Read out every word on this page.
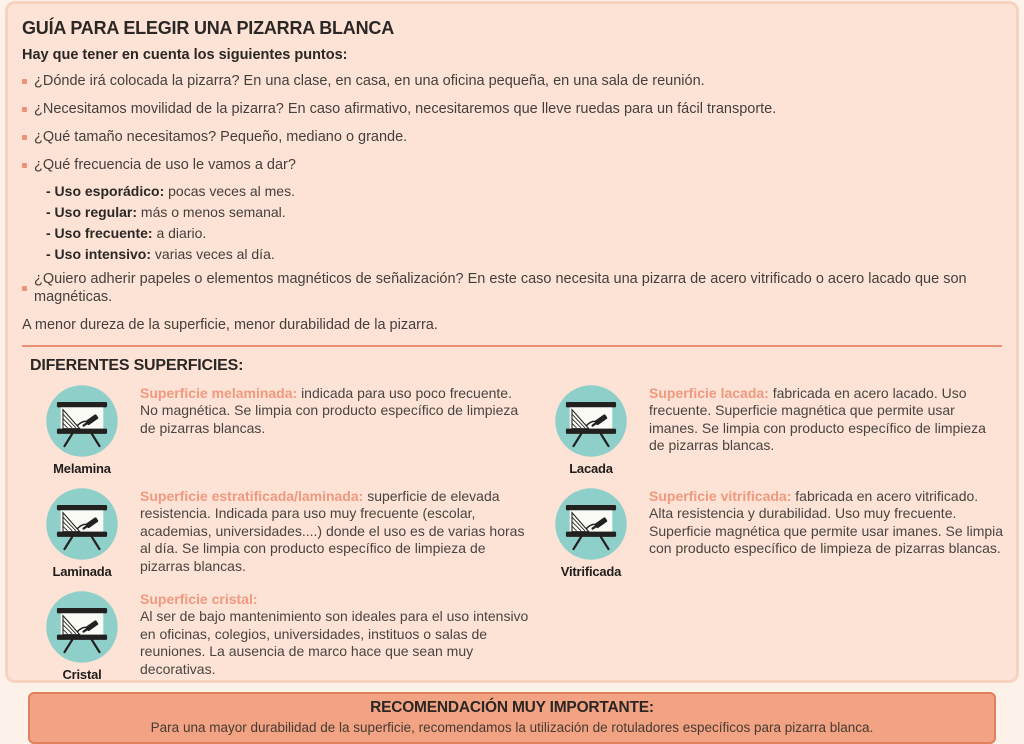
GUÍA PARA ELEGIR UNA PIZARRA BLANCA
Hay que tener en cuenta los siguientes puntos:
¿Dónde irá colocada la pizarra? En una clase, en casa, en una oficina pequeña, en una sala de reunión.
¿Necesitamos movilidad de la pizarra? En caso afirmativo, necesitaremos que lleve ruedas para un fácil transporte.
¿Qué tamaño necesitamos? Pequeño, mediano o grande.
¿Qué frecuencia de uso le vamos a dar?
- Uso esporádico: pocas veces al mes.
- Uso regular: más o menos semanal.
- Uso frecuente: a diario.
- Uso intensivo: varias veces al día.
¿Quiero adherir papeles o elementos magnéticos de señalización? En este caso necesita una pizarra de acero vitrificado o acero lacado que son magnéticas.
A menor dureza de la superficie, menor durabilidad de la pizarra.
DIFERENTES SUPERFICIES:
Melamina
Superficie melaminada: indicada para uso poco frecuente. No magnética. Se limpia con producto específico de limpieza de pizarras blancas.
Lacada
Superficie lacada: fabricada en acero lacado. Uso frecuente. Superficie magnética que permite usar imanes. Se limpia con producto específico de limpieza de pizarras blancas.
Laminada
Superficie estratificada/laminada: superficie de elevada resistencia. Indicada para uso muy frecuente (escolar, academias, universidades....) donde el uso es de varias horas al día. Se limpia con producto específico de limpieza de pizarras blancas.	Vitrificada
Superficie vitrificada: fabricada en acero vitrificado. Alta resistencia y durabilidad. Uso muy frecuente. Superficie magnética que permite usar imanes. Se limpia con producto específico de limpieza de pizarras blancas.
Cristal
Superficie cristal:
Al ser de bajo mantenimiento son ideales para el uso intensivo en oficinas, colegios, universidades, instituos o salas de reuniones. La ausencia de marco hace que sean muy decorativas.
RECOMENDACIÓN MUY IMPORTANTE:
Para una mayor durabilidad de la superficie, recomendamos la utilización de rotuladores específicos para pizarra blanca.
